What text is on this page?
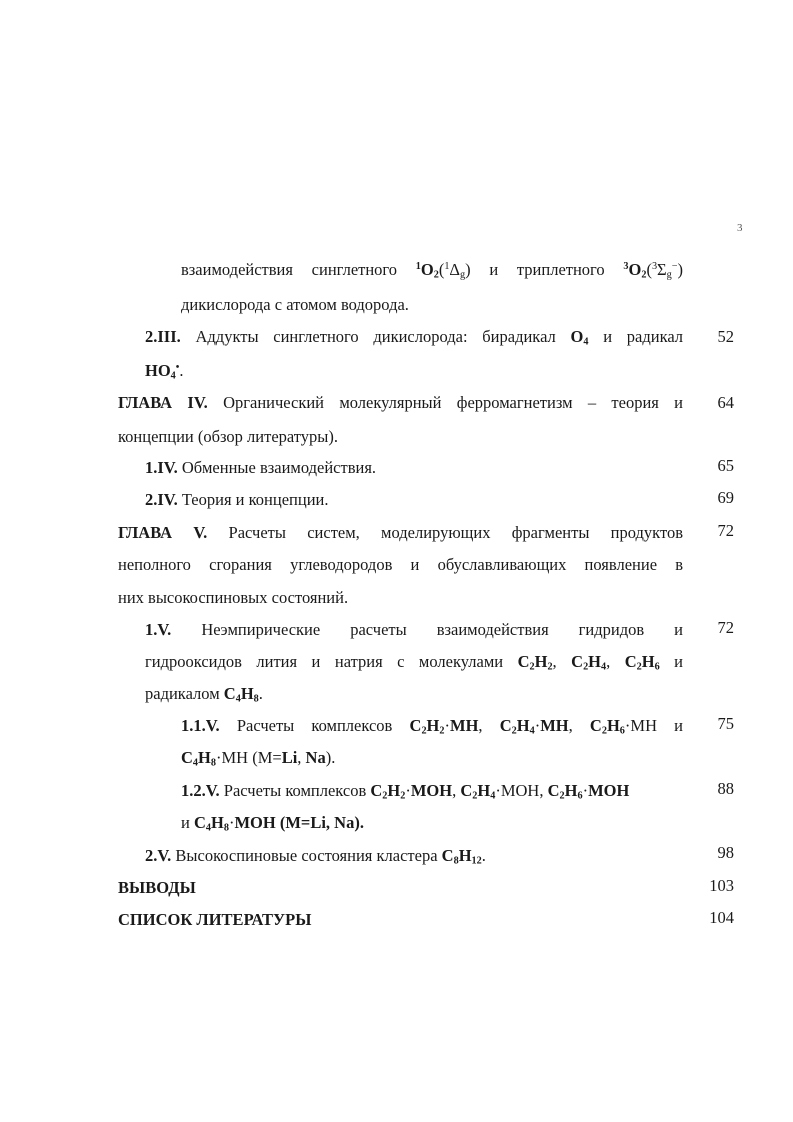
3
взаимодействия синглетного $^1O_2(^1\Delta_g)$ и триплетного $^3O_2(^3\Sigma_g^-)$
дикислорода с атомом водорода.
2.III. Аддукты синглетного дикислорода: бирадикал $O_4$ и радикал	52
$HO_4^•$.
ГЛАВА IV. Органический молекулярный ферромагнетизм – теория и	64
концепции (обзор литературы).
1.IV. Обменные взаимодействия.	65
2.IV. Теория и концепции.	69
ГЛАВА V. Расчеты систем, моделирующих фрагменты продуктов	72
неполного сгорания углеводородов и обуславливающих появление в
них высокоспиновых состояний.
1.V. Неэмпирические расчеты взаимодействия гидридов и	72
гидрооксидов лития и натрия с молекулами $C_2H_2$, $C_2H_4$, $C_2H_6$ и
радикалом $C_4H_8$.
1.1.V. Расчеты комплексов $C_2H_2\cdot MH$, $C_2H_4\cdot MH$, $C_2H_6\cdot MH$ и	75
$C_4H_8\cdot MH$ (M=Li, Na).
1.2.V. Расчеты комплексов $C_2H_2\cdot MOH$, $C_2H_4\cdot MOH$, $C_2H_6\cdot MOH$	88
и $C_4H_8\cdot MOH$ (M=Li, Na).
2.V. Высокоспиновые состояния кластера $C_8H_{12}$.	98
ВЫВОДЫ	103
СПИСОК ЛИТЕРАТУРЫ	104
